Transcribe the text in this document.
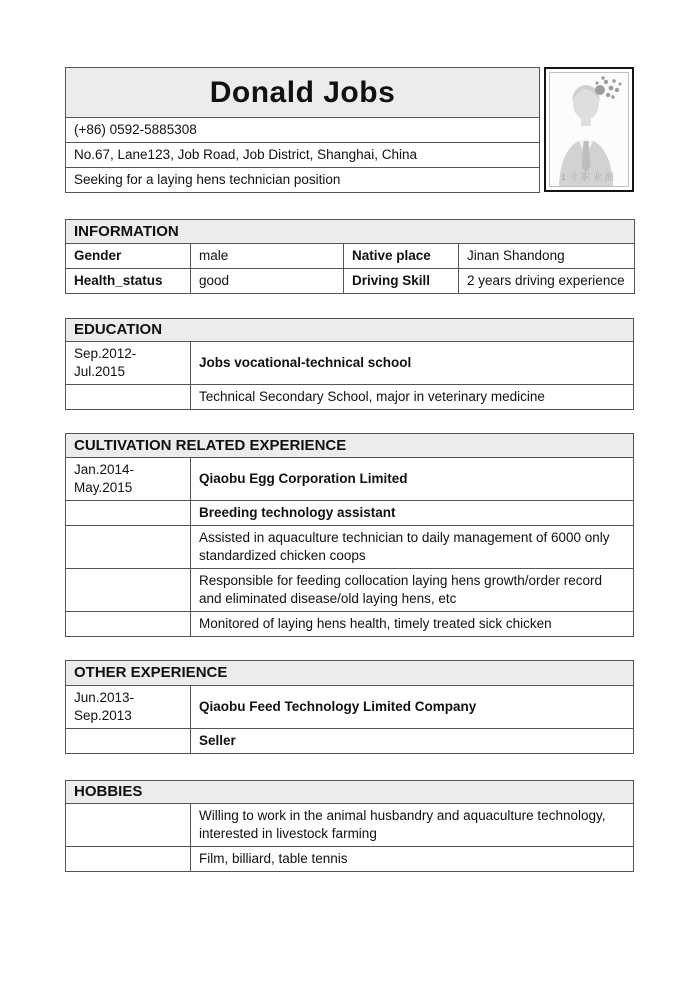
Donald Jobs
(+86) 0592-5885308
No.67, Lane123, Job Road, Job District, Shanghai, China
Seeking for a laying hens technician position	1寸职业照
INFORMATION			
Gender	male	Native place	Jinan Shandong
Health_status	good	Driving Skill	2 years driving experience
EDUCATION	
Sep.2012-Jul.2015	Jobs vocational-technical school
	Technical Secondary School, major in veterinary medicine
CULTIVATION RELATED EXPERIENCE	
Jan.2014-May.2015	Qiaobu Egg Corporation Limited
	Breeding technology assistant
	Assisted in aquaculture technician to daily management of 6000 only standardized chicken coops
	Responsible for feeding collocation laying hens growth/order record and eliminated disease/old laying hens, etc
	Monitored of laying hens health, timely treated sick chicken
OTHER EXPERIENCE	
Jun.2013-Sep.2013	Qiaobu Feed Technology Limited Company
	Seller
HOBBIES	
	Willing to work in the animal husbandry and aquaculture technology, interested in livestock farming
	Film, billiard, table tennis
